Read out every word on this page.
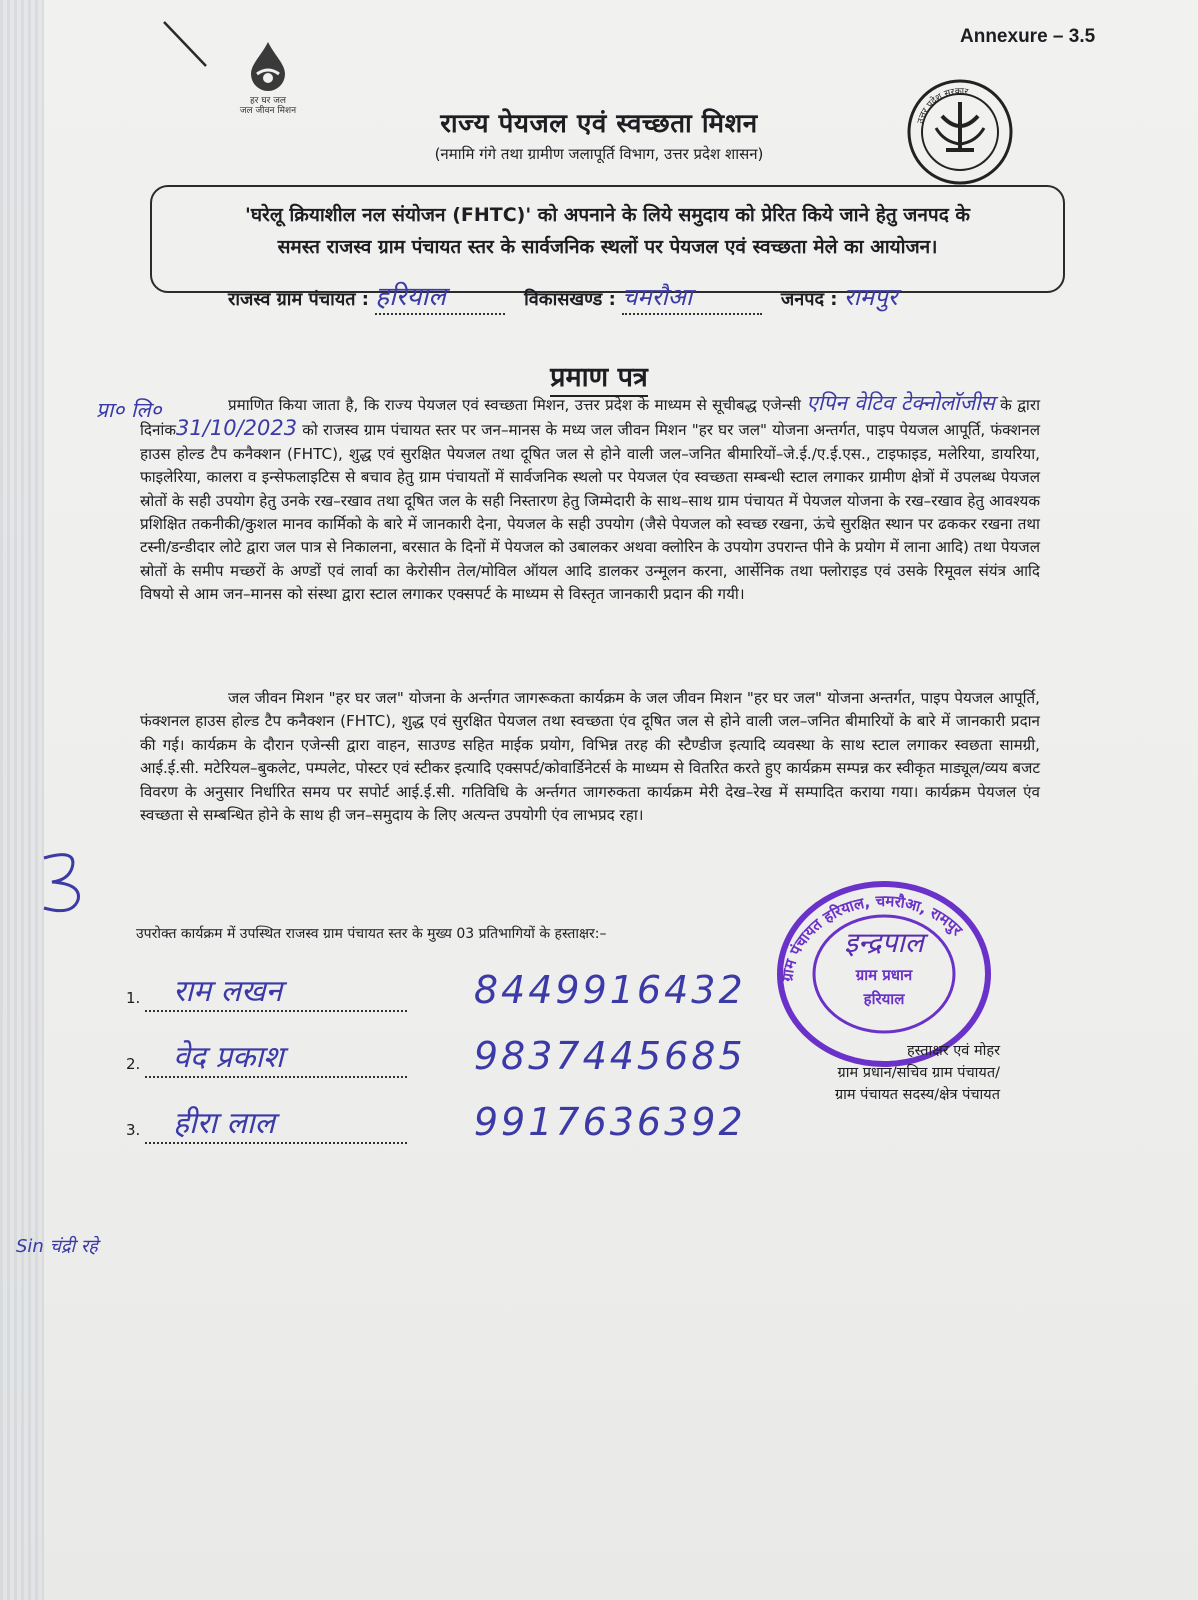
Annexure – 3.5
हर घर जल
जल जीवन मिशन	राज्य पेयजल एवं स्वच्छता मिशन
(नमामि गंगे तथा ग्रामीण जलापूर्ति विभाग, उत्तर प्रदेश शासन)
उत्तर प्रदेश सरकार
'घरेलू क्रियाशील नल संयोजन (FHTC)' को अपनाने के लिये समुदाय को प्रेरित किये जाने हेतु जनपद के
समस्त राजस्व ग्राम पंचायत स्तर के सार्वजनिक स्थलों पर पेयजल एवं स्वच्छता मेले का आयोजन।
राजस्व ग्राम पंचायत : हरियाल	विकासखण्ड : चमरौआ	जनपद : रामपुर
प्रमाण पत्र
प्रा० लि०	प्रमाणित किया जाता है, कि राज्य पेयजल एवं स्वच्छता मिशन, उत्तर प्रदेश के माध्यम से सूचीबद्ध एजेन्सी एपिन वेटिव टेक्नोलॉजीस के द्वारा दिनांक31/10/2023 को राजस्व ग्राम पंचायत स्तर पर जन–मानस के मध्य जल जीवन मिशन "हर घर जल" योजना अन्तर्गत, पाइप पेयजल आपूर्ति, फंक्शनल हाउस होल्ड टैप कनैक्शन (FHTC), शुद्ध एवं सुरक्षित पेयजल तथा दूषित जल से होने वाली जल–जनित बीमारियों–जे.ई./ए.ई.एस., टाइफाइड, मलेरिया, डायरिया, फाइलेरिया, कालरा व इन्सेफलाइटिस से बचाव हेतु ग्राम पंचायतों में सार्वजनिक स्थलो पर पेयजल एंव स्वच्छता सम्बन्धी स्टाल लगाकर ग्रामीण क्षेत्रों में उपलब्ध पेयजल स्रोतों के सही उपयोग हेतु उनके रख–रखाव तथा दूषित जल के सही निस्तारण हेतु जिम्मेदारी के साथ–साथ ग्राम पंचायत में पेयजल योजना के रख–रखाव हेतु आवश्यक प्रशिक्षित तकनीकी/कुशल मानव कार्मिको के बारे में जानकारी देना, पेयजल के सही उपयोग (जैसे पेयजल को स्वच्छ रखना, ऊंचे सुरक्षित स्थान पर ढककर रखना तथा टस्नी/डन्डीदार लोटे द्वारा जल पात्र से निकालना, बरसात के दिनों में पेयजल को उबालकर अथवा क्लोरिन के उपयोग उपरान्त पीने के प्रयोग में लाना आदि) तथा पेयजल स्रोतों के समीप मच्छरों के अण्डों एवं लार्वा का केरोसीन तेल/मोविल ऑयल आदि डालकर उन्मूलन करना, आर्सेनिक तथा फ्लोराइड एवं उसके रिमूवल संयंत्र आदि विषयो से आम जन–मानस को संस्था द्वारा स्टाल लगाकर एक्सपर्ट के माध्यम से विस्तृत जानकारी प्रदान की गयी।
जल जीवन मिशन "हर घर जल" योजना के अर्न्तगत जागरूकता कार्यक्रम के जल जीवन मिशन "हर घर जल" योजना अन्तर्गत, पाइप पेयजल आपूर्ति, फंक्शनल हाउस होल्ड टैप कनैक्शन (FHTC), शुद्ध एवं सुरक्षित पेयजल तथा स्वच्छता एंव दूषित जल से होने वाली जल–जनित बीमारियों के बारे में जानकारी प्रदान की गई। कार्यक्रम के दौरान एजेन्सी द्वारा वाहन, साउण्ड सहित माईक प्रयोग, विभिन्न तरह की स्टैण्डीज इत्यादि व्यवस्था के साथ स्टाल लगाकर स्वछता सामग्री, आई.ई.सी. मटेरियल–बुकलेट, पम्पलेट, पोस्टर एवं स्टीकर इत्यादि एक्सपर्ट/कोवार्डिनेटर्स के माध्यम से वितरित करते हुए कार्यक्रम सम्पन्न कर स्वीकृत माड्यूल/व्यय बजट विवरण के अनुसार निर्धारित समय पर सपोर्ट आई.ई.सी. गतिविधि के अर्न्तगत जागरुकता कार्यक्रम मेरी देख–रेख में सम्पादित कराया गया। कार्यक्रम पेयजल एंव स्वच्छता से सम्बन्धित होने के साथ ही जन–समुदाय के लिए अत्यन्त उपयोगी एंव लाभप्रद रहा।
उपरोक्त कार्यक्रम में उपस्थित राजस्व ग्राम पंचायत स्तर के मुख्य 03 प्रतिभागियों के हस्ताक्षर:–
1. राम लखन	8449916432
2. वेद प्रकाश	9837445685
3. हीरा लाल	9917636392
ग्राम पंचायत हरियाल, चमरौआ, रामपुर
इन्द्रपाल
ग्राम प्रधान
हरियाल
हस्ताक्षर एवं मोहर
ग्राम प्रधान/सचिव ग्राम पंचायत/
ग्राम पंचायत सदस्य/क्षेत्र पंचायत
Sin चंद्री रहे
